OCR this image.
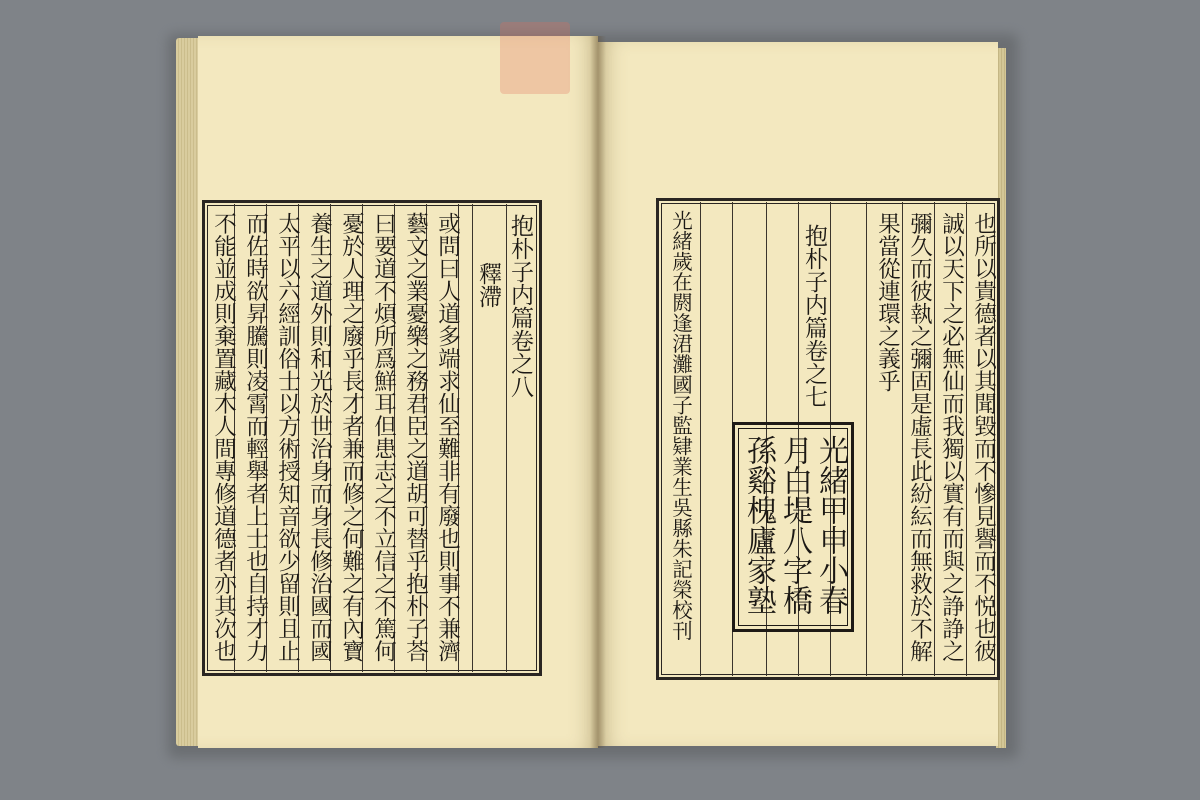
抱朴子内篇卷之八
釋滯
或問曰人道多端求仙至難非有廢也則事不兼濟
藝文之業憂樂之務君臣之道胡可替乎抱朴子荅
曰要道不煩所爲鮮耳但患志之不立信之不篤何
憂於人理之廢乎長才者兼而修之何難之有內寶
養生之道外則和光於世治身而身長修治國而國
太平以六經訓俗士以方術授知音欲少留則且止
而佐時欲昇騰則凌霄而輕舉者上士也自持才力
不能並成則棄置藏木人間專修道德者亦其次也	也所以貴德者以其聞毀而不慘見譽而不悦也彼
誠以天下之必無仙而我獨以實有而與之諍諍之
彌久而彼執之彌固是虛長此紛紜而無救於不解
果當從連環之義乎
抱朴子内篇卷之七
光緒歲在閼逢涒灘國子監肄業生吳縣朱記榮校刊	光緒甲申小春
月白堤八字橋
孫谿槐廬家塾
